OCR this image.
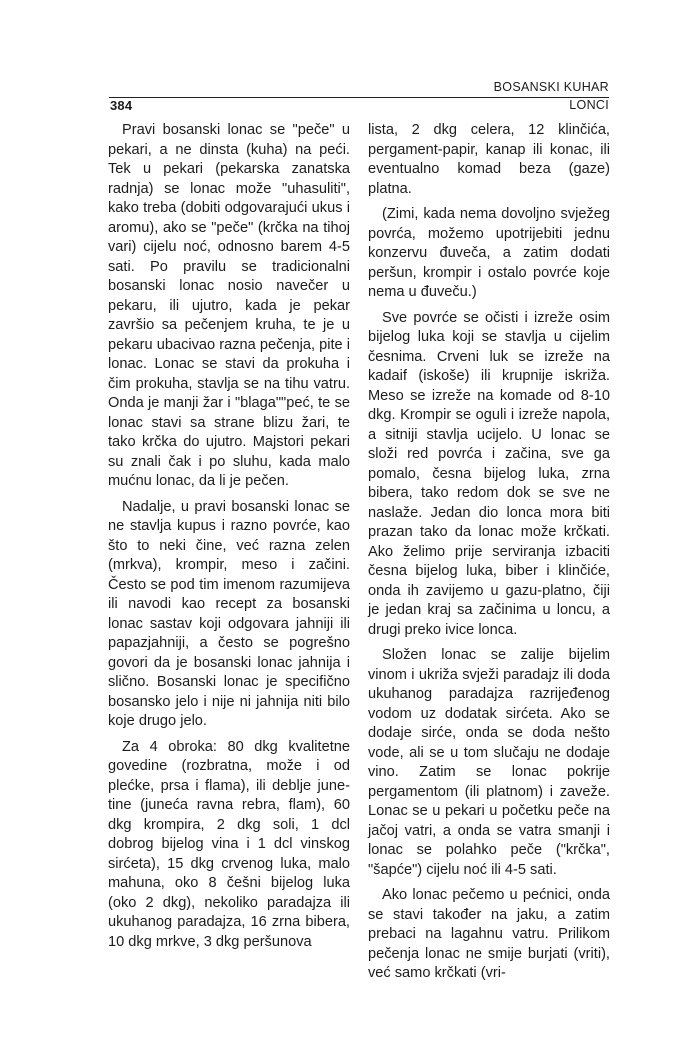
384
BOSANSKI KUHAR
LONCI

Pravi bosanski lonac se "peče" u pekari, a ne dinsta (kuha) na peći. Tek u pekari (pekarska zanatska radnja) se lonac može "uhasuliti", kako treba (dobiti odgovarajući ukus i aromu), ako se "peče" (krčka na tihoj vari) cijelu noć, odnosno barem 4-5 sati. Po pravilu se tradicionalni bosanski lonac nosio navečer u pekaru, ili ujutro, kada je pekar završio sa pečenjem kruha, te je u pekaru ubacivao razna pečenja, pite i lonac. Lonac se stavi da prokuha i čim prokuha, stavlja se na tihu vatru. Onda je manji žar i "blaga""peć, te se lonac stavi sa strane blizu žari, te tako krčka do ujutro. Majstori pekari su znali čak i po sluhu, kada malo mućnu lonac, da li je pečen.

Nadalje, u pravi bosanski lonac se ne stavlja kupus i razno povrće, kao što to neki čine, već razna zelen (mrkva), krompir, meso i začini. Često se pod tim imenom razumijeva ili navodi kao recept za bosanski lonac sastav koji odgovara jahniji ili papazjahniji, a često se pogrešno govori da je bosanski lonac jahnija i slično. Bosanski lonac je specifično bosansko jelo i nije ni jahnija niti bilo koje drugo jelo.

Za 4 obroka: 80 dkg kvalitetne govedine (rozbratna, može i od plećke, prsa i flama), ili deblje junetine (juneća ravna rebra, flam), 60 dkg krompira, 2 dkg soli, 1 dcl dobrog bijelog vina i 1 dcl vinskog sirćeta), 15 dkg crvenog luka, malo mahuna, oko 8 češni bijelog luka (oko 2 dkg), nekoliko paradajza ili ukuhanog paradajza, 16 zrna bibera, 10 dkg mrkve, 3 dkg peršunova

lista, 2 dkg celera, 12 klinčića, pergament-papir, kanap ili konac, ili eventualno komad beza (gaze) platna.

(Zimi, kada nema dovoljno svježeg povrća, možemo upotrijebiti jednu konzervu đuveča, a zatim dodati peršun, krompir i ostalo povrće koje nema u đuveču.)

Sve povrće se očisti i izreže osim bijelog luka koji se stavlja u cijelim česnima. Crveni luk se izreže na kadaif (iskoše) ili krupnije iskriža. Meso se izreže na komade od 8-10 dkg. Krompir se oguli i izreže napola, a sitniji stavlja ucijelo. U lonac se složi red povrća i začina, sve ga pomalo, česna bijelog luka, zrna bibera, tako redom dok se sve ne naslaže. Jedan dio lonca mora biti prazan tako da lonac može krčkati. Ako želimo prije serviranja izbaciti česna bijelog luka, biber i klinčiće, onda ih zavijemo u gazu-platno, čiji je jedan kraj sa začinima u loncu, a drugi preko ivice lonca.

Složen lonac se zalije bijelim vinom i ukriža svježi paradajz ili doda ukuhanog paradajza razrijeđenog vodom uz dodatak sirćeta. Ako se dodaje sirće, onda se doda nešto vode, ali se u tom slučaju ne dodaje vino. Zatim se lonac pokrije pergamentom (ili platnom) i zaveže. Lonac se u pekari u početku peče na jačoj vatri, a onda se vatra smanji i lonac se polahko peče ("krčka", "šapće") cijelu noć ili 4-5 sati.

Ako lonac pečemo u pećnici, onda se stavi također na jaku, a zatim prebaci na lagahnu vatru. Prilikom pečenja lonac ne smije burjati (vriti), već samo krčkati (vri-
